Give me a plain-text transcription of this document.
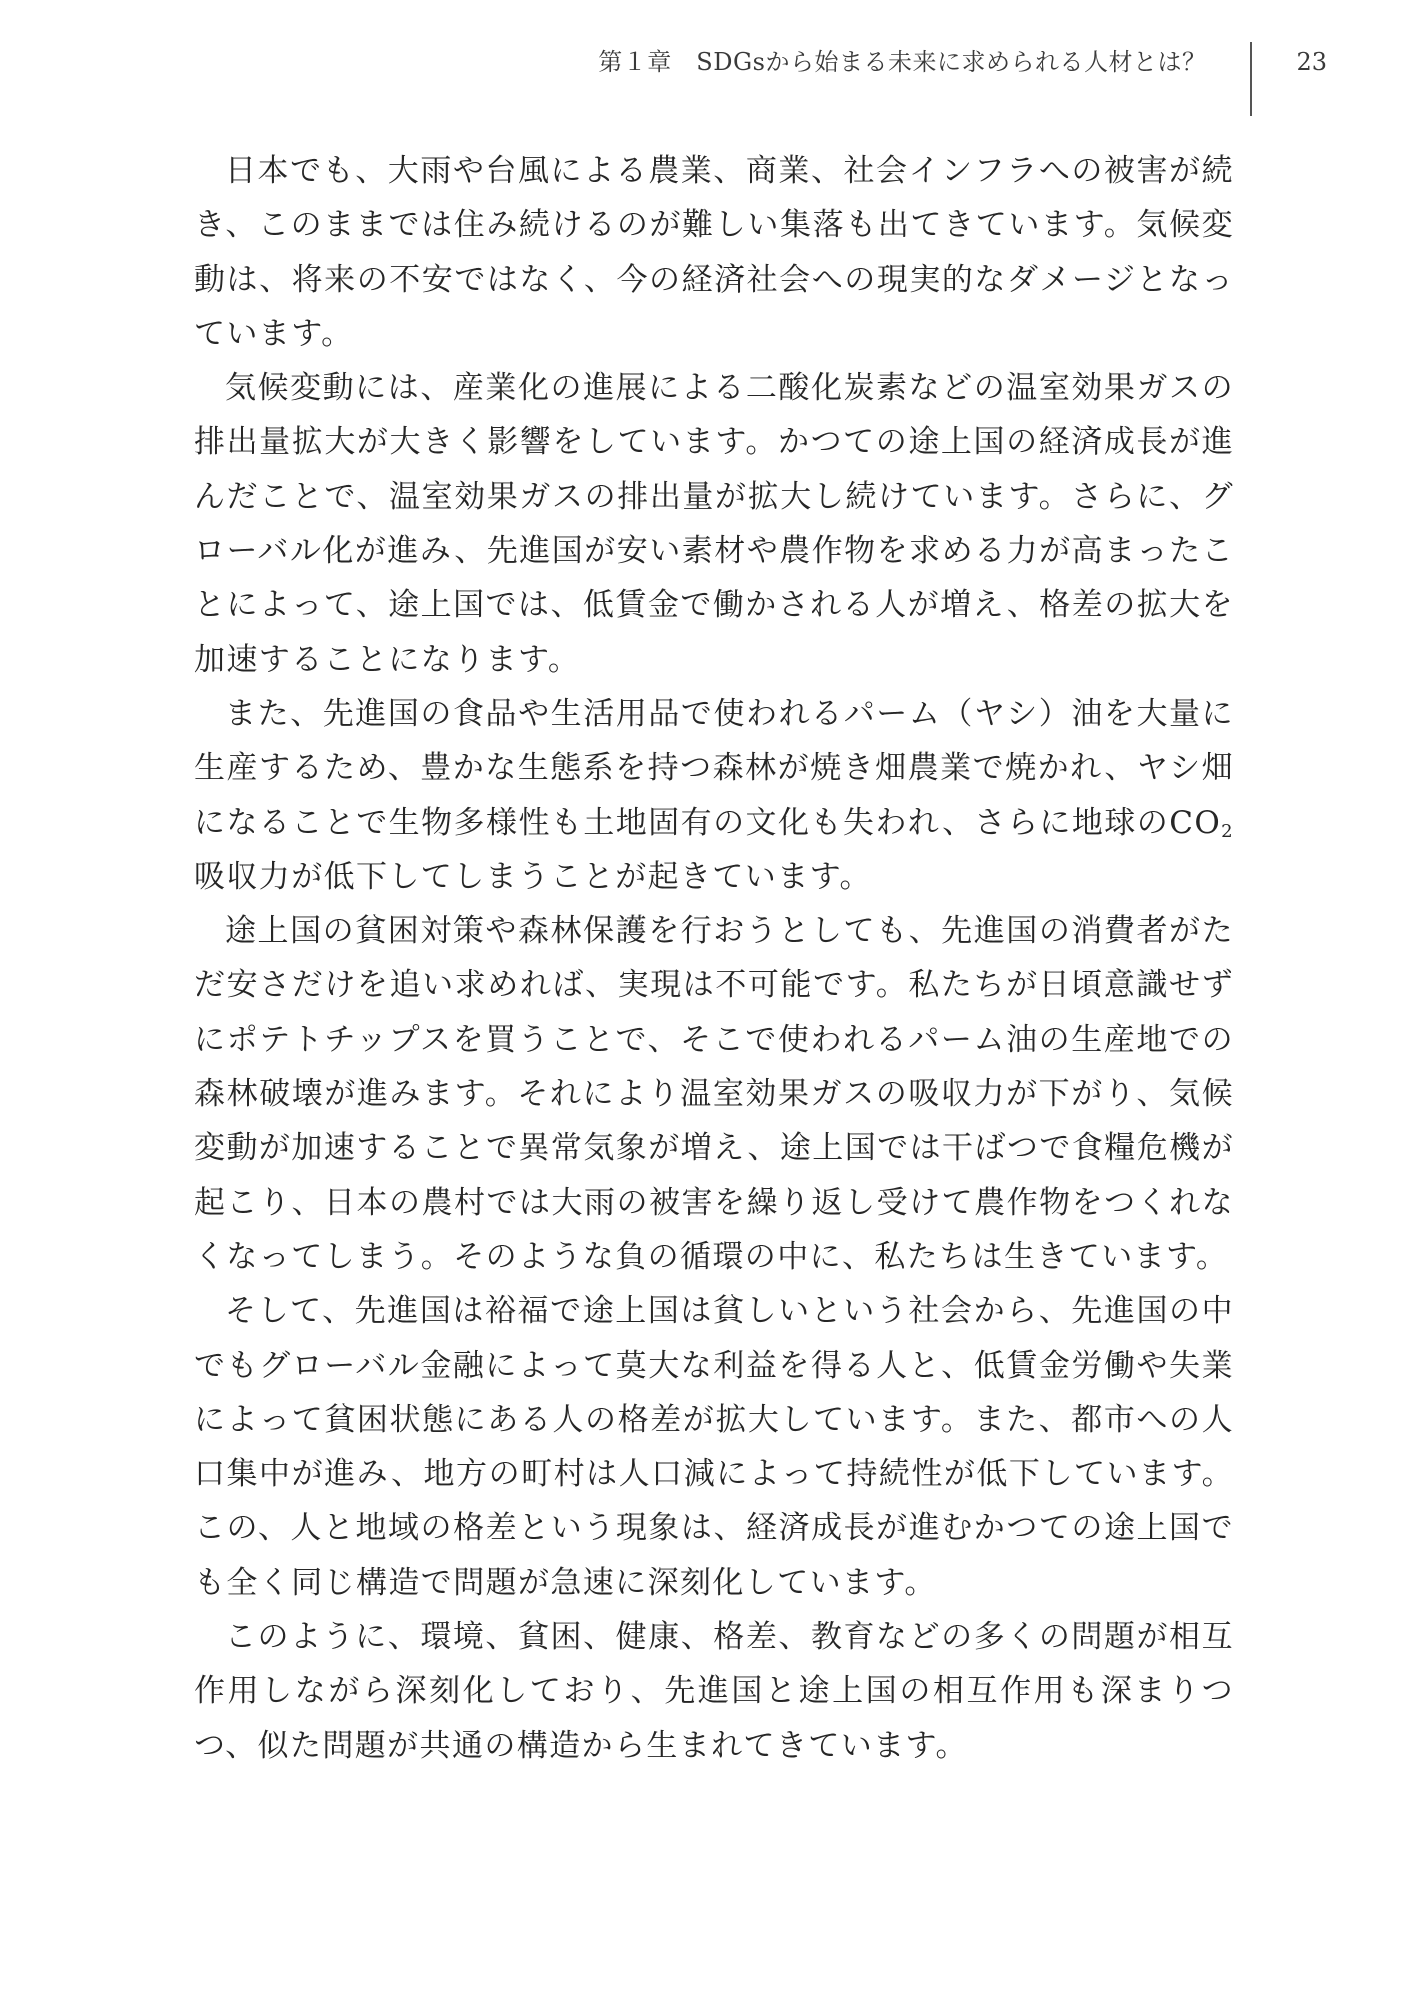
第１章　SDGsから始まる未来に求められる人材とは？	23

日本でも、大雨や台風による農業、商業、社会インフラへの被害が続き、このままでは住み続けるのが難しい集落も出てきています。気候変動は、将来の不安ではなく、今の経済社会への現実的なダメージとなっています。

気候変動には、産業化の進展による二酸化炭素などの温室効果ガスの排出量拡大が大きく影響をしています。かつての途上国の経済成長が進んだことで、温室効果ガスの排出量が拡大し続けています。さらに、グローバル化が進み、先進国が安い素材や農作物を求める力が高まったことによって、途上国では、低賃金で働かされる人が増え、格差の拡大を加速することになります。

また、先進国の食品や生活用品で使われるパーム（ヤシ）油を大量に生産するため、豊かな生態系を持つ森林が焼き畑農業で焼かれ、ヤシ畑になることで生物多様性も土地固有の文化も失われ、さらに地球の$CO_2$吸収力が低下してしまうことが起きています。

途上国の貧困対策や森林保護を行おうとしても、先進国の消費者がただ安さだけを追い求めれば、実現は不可能です。私たちが日頃意識せずにポテトチップスを買うことで、そこで使われるパーム油の生産地での森林破壊が進みます。それにより温室効果ガスの吸収力が下がり、気候変動が加速することで異常気象が増え、途上国では干ばつで食糧危機が起こり、日本の農村では大雨の被害を繰り返し受けて農作物をつくれなくなってしまう。そのような負の循環の中に、私たちは生きています。

そして、先進国は裕福で途上国は貧しいという社会から、先進国の中でもグローバル金融によって莫大な利益を得る人と、低賃金労働や失業によって貧困状態にある人の格差が拡大しています。また、都市への人口集中が進み、地方の町村は人口減によって持続性が低下しています。この、人と地域の格差という現象は、経済成長が進むかつての途上国でも全く同じ構造で問題が急速に深刻化しています。

このように、環境、貧困、健康、格差、教育などの多くの問題が相互作用しながら深刻化しており、先進国と途上国の相互作用も深まりつつ、似た問題が共通の構造から生まれてきています。
